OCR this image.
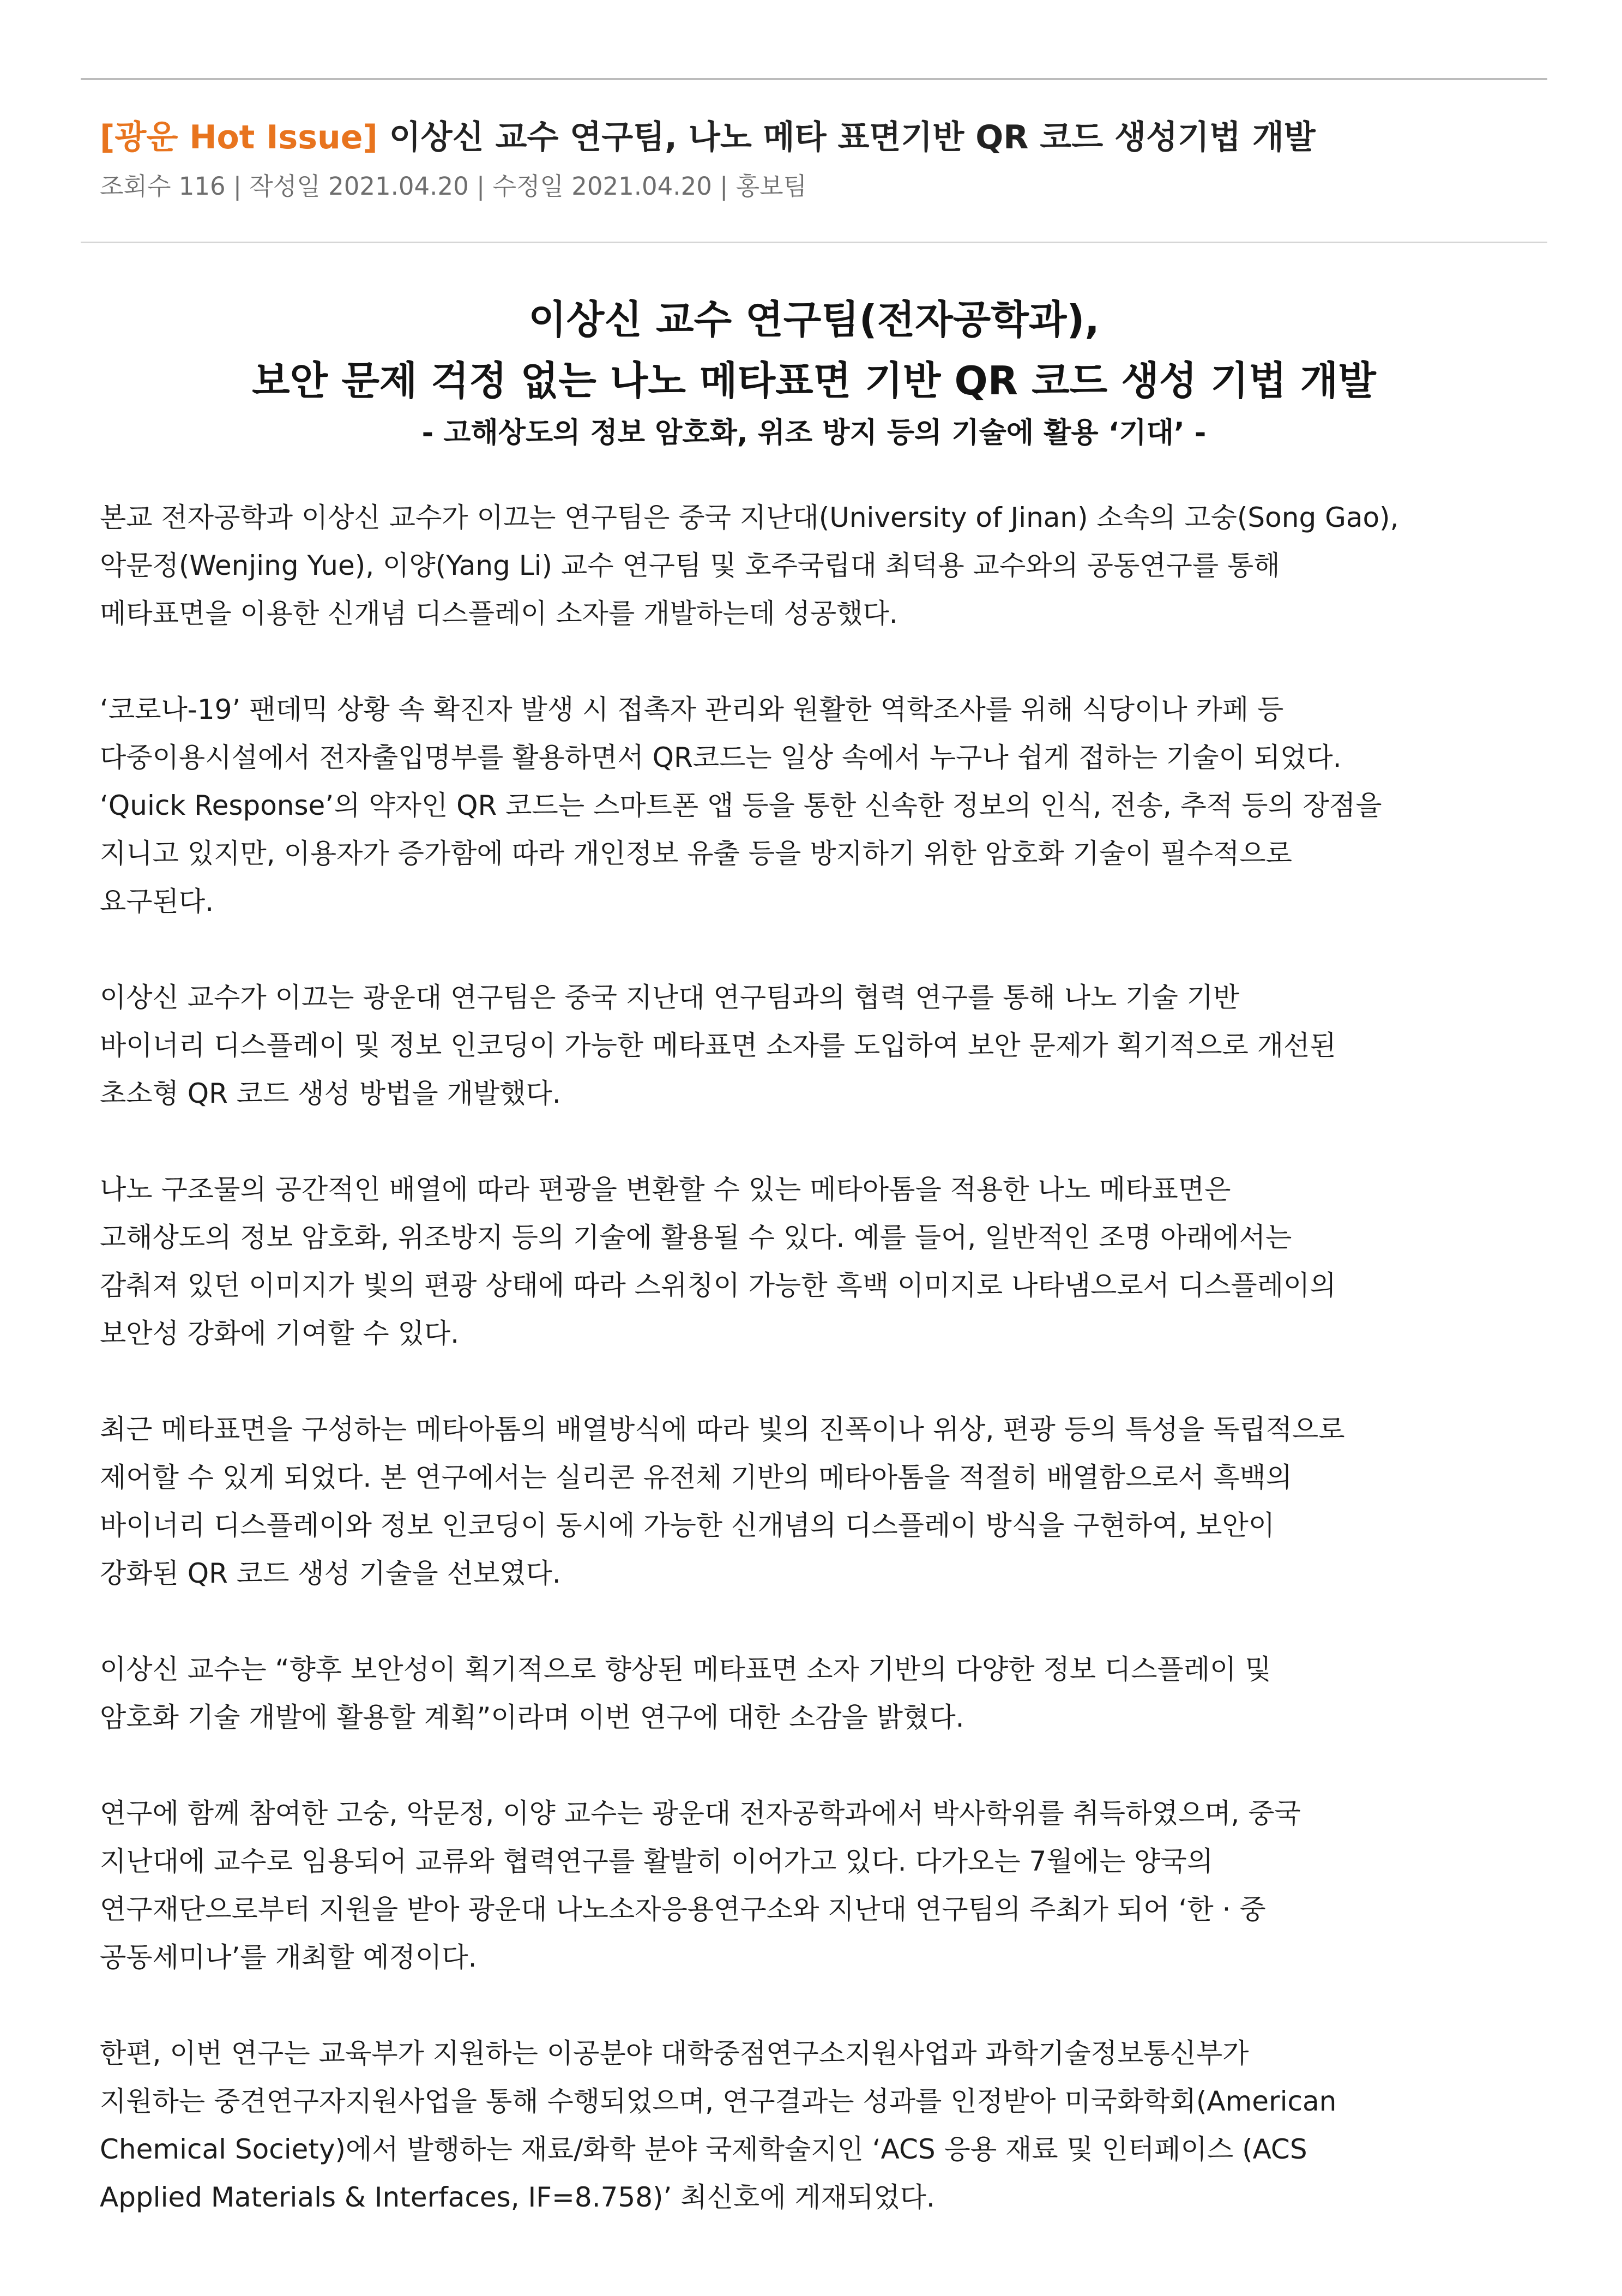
[광운 Hot Issue] 이상신 교수 연구팀, 나노 메타 표면기반 QR 코드 생성기법 개발
조회수 116 | 작성일 2021.04.20 | 수정일 2021.04.20 | 홍보팀
이상신 교수 연구팀(전자공학과),
보안 문제 걱정 없는 나노 메타표면 기반 QR 코드 생성 기법 개발
- 고해상도의 정보 암호화, 위조 방지 등의 기술에 활용 ‘기대’ -
본교 전자공학과 이상신 교수가 이끄는 연구팀은 중국 지난대(University of Jinan) 소속의 고숭(Song Gao),
악문정(Wenjing Yue), 이양(Yang Li) 교수 연구팀 및 호주국립대 최덕용 교수와의 공동연구를 통해
메타표면을 이용한 신개념 디스플레이 소자를 개발하는데 성공했다.
‘코로나-19’ 팬데믹 상황 속 확진자 발생 시 접촉자 관리와 원활한 역학조사를 위해 식당이나 카페 등
다중이용시설에서 전자출입명부를 활용하면서 QR코드는 일상 속에서 누구나 쉽게 접하는 기술이 되었다.
‘Quick Response’의 약자인 QR 코드는 스마트폰 앱 등을 통한 신속한 정보의 인식, 전송, 추적 등의 장점을
지니고 있지만, 이용자가 증가함에 따라 개인정보 유출 등을 방지하기 위한 암호화 기술이 필수적으로
요구된다.
이상신 교수가 이끄는 광운대 연구팀은 중국 지난대 연구팀과의 협력 연구를 통해 나노 기술 기반
바이너리 디스플레이 및 정보 인코딩이 가능한 메타표면 소자를 도입하여 보안 문제가 획기적으로 개선된
초소형 QR 코드 생성 방법을 개발했다.
나노 구조물의 공간적인 배열에 따라 편광을 변환할 수 있는 메타아톰을 적용한 나노 메타표면은
고해상도의 정보 암호화, 위조방지 등의 기술에 활용될 수 있다. 예를 들어, 일반적인 조명 아래에서는
감춰져 있던 이미지가 빛의 편광 상태에 따라 스위칭이 가능한 흑백 이미지로 나타냄으로서 디스플레이의
보안성 강화에 기여할 수 있다.
최근 메타표면을 구성하는 메타아톰의 배열방식에 따라 빛의 진폭이나 위상, 편광 등의 특성을 독립적으로
제어할 수 있게 되었다. 본 연구에서는 실리콘 유전체 기반의 메타아톰을 적절히 배열함으로서 흑백의
바이너리 디스플레이와 정보 인코딩이 동시에 가능한 신개념의 디스플레이 방식을 구현하여, 보안이
강화된 QR 코드 생성 기술을 선보였다.
이상신 교수는 “향후 보안성이 획기적으로 향상된 메타표면 소자 기반의 다양한 정보 디스플레이 및
암호화 기술 개발에 활용할 계획”이라며 이번 연구에 대한 소감을 밝혔다.
연구에 함께 참여한 고숭, 악문정, 이양 교수는 광운대 전자공학과에서 박사학위를 취득하였으며, 중국
지난대에 교수로 임용되어 교류와 협력연구를 활발히 이어가고 있다. 다가오는 7월에는 양국의
연구재단으로부터 지원을 받아 광운대 나노소자응용연구소와 지난대 연구팀의 주최가 되어 ‘한 · 중
공동세미나’를 개최할 예정이다.
한편, 이번 연구는 교육부가 지원하는 이공분야 대학중점연구소지원사업과 과학기술정보통신부가
지원하는 중견연구자지원사업을 통해 수행되었으며, 연구결과는 성과를 인정받아 미국화학회(American
Chemical Society)에서 발행하는 재료/화학 분야 국제학술지인 ‘ACS 응용 재료 및 인터페이스 (ACS
Applied Materials & Interfaces, IF=8.758)’ 최신호에 게재되었다.
